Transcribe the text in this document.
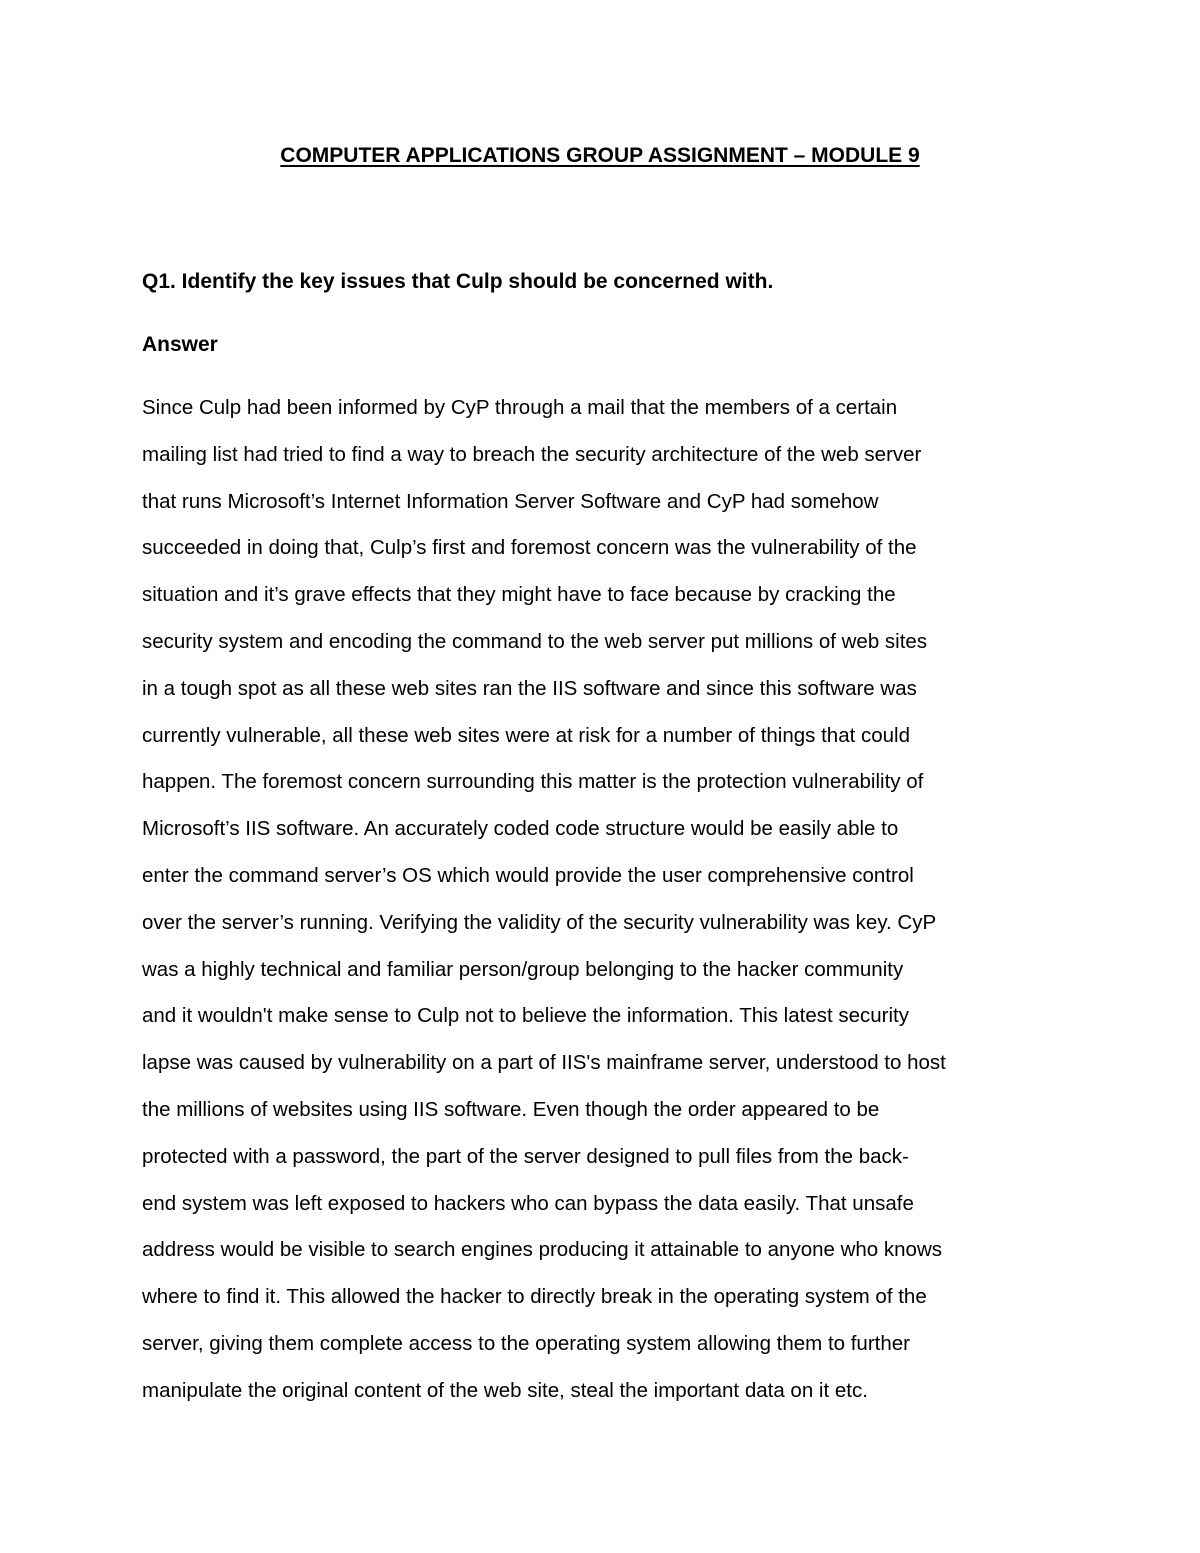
COMPUTER APPLICATIONS GROUP ASSIGNMENT – MODULE 9
Q1. Identify the key issues that Culp should be concerned with.
Answer
Since Culp had been informed by CyP through a mail that the members of a certain
mailing list had tried to find a way to breach the security architecture of the web server
that runs Microsoft’s Internet Information Server Software and CyP had somehow
succeeded in doing that, Culp’s first and foremost concern was the vulnerability of the
situation and it’s grave effects that they might have to face because by cracking the
security system and encoding the command to the web server put millions of web sites
in a tough spot as all these web sites ran the IIS software and since this software was
currently vulnerable, all these web sites were at risk for a number of things that could
happen. The foremost concern surrounding this matter is the protection vulnerability of
Microsoft’s IIS software. An accurately coded code structure would be easily able to
enter the command server’s OS which would provide the user comprehensive control
over the server’s running. Verifying the validity of the security vulnerability was key. CyP
was a highly technical and familiar person/group belonging to the hacker community
and it wouldn't make sense to Culp not to believe the information. This latest security
lapse was caused by vulnerability on a part of IIS's mainframe server, understood to host
the millions of websites using IIS software. Even though the order appeared to be
protected with a password, the part of the server designed to pull files from the back-
end system was left exposed to hackers who can bypass the data easily. That unsafe
address would be visible to search engines producing it attainable to anyone who knows
where to find it. This allowed the hacker to directly break in the operating system of the
server, giving them complete access to the operating system allowing them to further
manipulate the original content of the web site, steal the important data on it etc.
